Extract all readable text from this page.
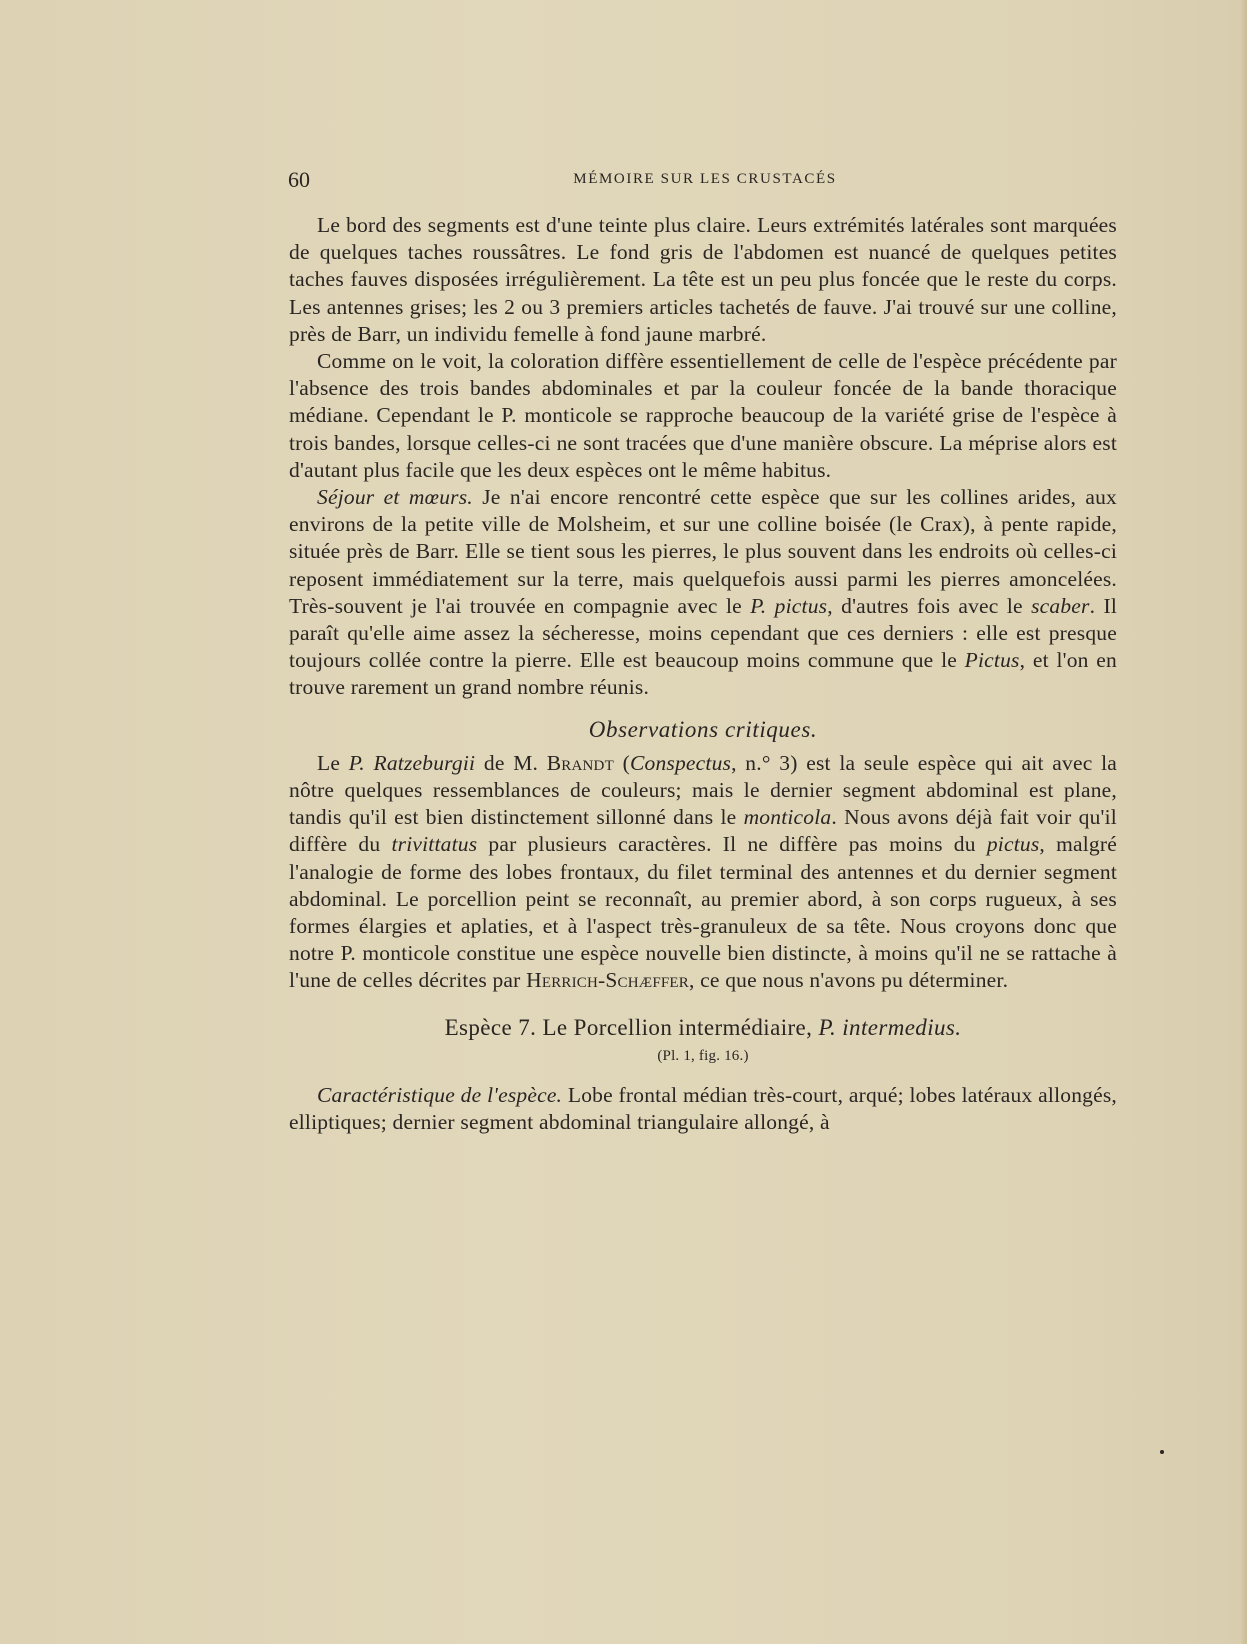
60	MÉMOIRE SUR LES CRUSTACÉS

Le bord des segments est d'une teinte plus claire. Leurs extrémités latérales sont marquées de quelques taches roussâtres. Le fond gris de l'abdomen est nuancé de quelques petites taches fauves disposées irrégulièrement. La tête est un peu plus foncée que le reste du corps. Les antennes grises; les 2 ou 3 premiers articles tachetés de fauve. J'ai trouvé sur une colline, près de Barr, un individu femelle à fond jaune marbré.

Comme on le voit, la coloration diffère essentiellement de celle de l'espèce précédente par l'absence des trois bandes abdominales et par la couleur foncée de la bande thoracique médiane. Cependant le P. monticole se rapproche beaucoup de la variété grise de l'espèce à trois bandes, lorsque celles-ci ne sont tracées que d'une manière obscure. La méprise alors est d'autant plus facile que les deux espèces ont le même habitus.

Séjour et mœurs. Je n'ai encore rencontré cette espèce que sur les collines arides, aux environs de la petite ville de Molsheim, et sur une colline boisée (le Crax), à pente rapide, située près de Barr. Elle se tient sous les pierres, le plus souvent dans les endroits où celles-ci reposent immédiatement sur la terre, mais quelquefois aussi parmi les pierres amoncelées. Très-souvent je l'ai trouvée en compagnie avec le P. pictus, d'autres fois avec le scaber. Il paraît qu'elle aime assez la sécheresse, moins cependant que ces derniers : elle est presque toujours collée contre la pierre. Elle est beaucoup moins commune que le Pictus, et l'on en trouve rarement un grand nombre réunis.

Observations critiques.

Le P. Ratzeburgii de M. Brandt (Conspectus, n.° 3) est la seule espèce qui ait avec la nôtre quelques ressemblances de couleurs; mais le dernier segment abdominal est plane, tandis qu'il est bien distinctement sillonné dans le monticola. Nous avons déjà fait voir qu'il diffère du trivittatus par plusieurs caractères. Il ne diffère pas moins du pictus, malgré l'analogie de forme des lobes frontaux, du filet terminal des antennes et du dernier segment abdominal. Le porcellion peint se reconnaît, au premier abord, à son corps rugueux, à ses formes élargies et aplaties, et à l'aspect très-granuleux de sa tête. Nous croyons donc que notre P. monticole constitue une espèce nouvelle bien distincte, à moins qu'il ne se rattache à l'une de celles décrites par Herrich-Schæffer, ce que nous n'avons pu déterminer.

Espèce 7. Le Porcellion intermédiaire, P. intermedius.

(Pl. 1, fig. 16.)

Caractéristique de l'espèce. Lobe frontal médian très-court, arqué; lobes latéraux allongés, elliptiques; dernier segment abdominal triangulaire allongé, à
